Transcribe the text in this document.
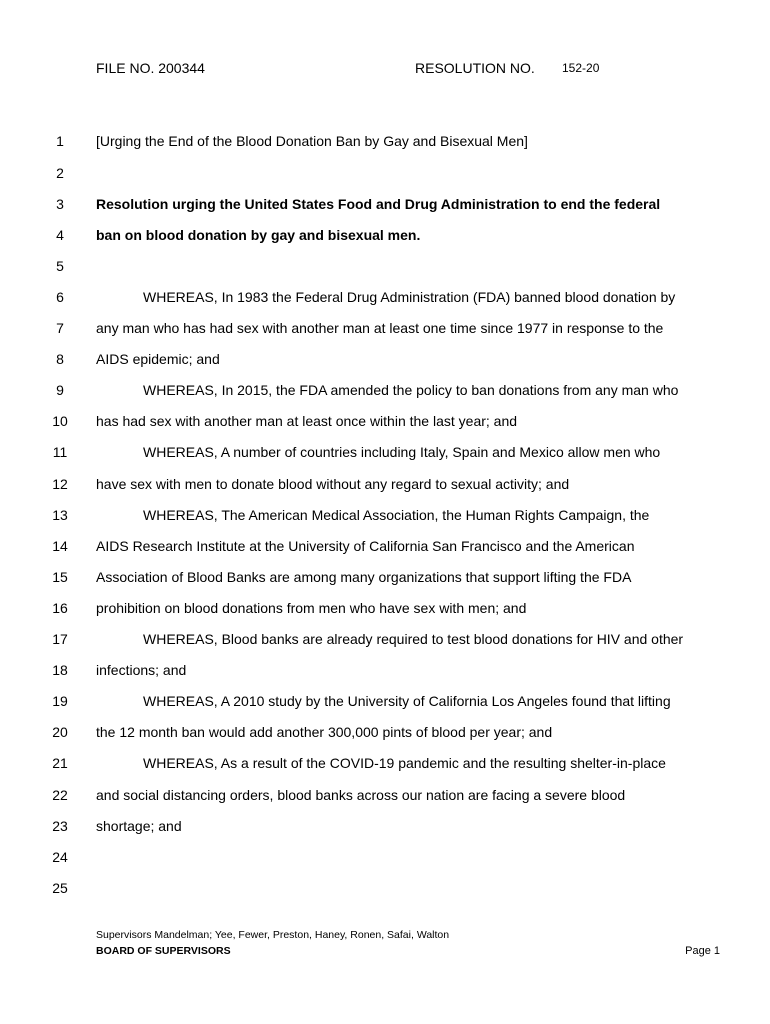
FILE NO. 200344	RESOLUTION NO. 152-20
1
2
3
4
5
6
7
8
9
10
11
12
13
14
15
16
17
18
19
20
21
22
23
24
25
[Urging the End of the Blood Donation Ban by Gay and Bisexual Men]
Resolution urging the United States Food and Drug Administration to end the federal
ban on blood donation by gay and bisexual men.
WHEREAS, In 1983 the Federal Drug Administration (FDA) banned blood donation by
any man who has had sex with another man at least one time since 1977 in response to the
AIDS epidemic; and
WHEREAS, In 2015, the FDA amended the policy to ban donations from any man who
has had sex with another man at least once within the last year; and
WHEREAS, A number of countries including Italy, Spain and Mexico allow men who
have sex with men to donate blood without any regard to sexual activity; and
WHEREAS, The American Medical Association, the Human Rights Campaign, the
AIDS Research Institute at the University of California San Francisco and the American
Association of Blood Banks are among many organizations that support lifting the FDA
prohibition on blood donations from men who have sex with men; and
WHEREAS, Blood banks are already required to test blood donations for HIV and other
infections; and
WHEREAS, A 2010 study by the University of California Los Angeles found that lifting
the 12 month ban would add another 300,000 pints of blood per year; and
WHEREAS, As a result of the COVID-19 pandemic and the resulting shelter-in-place
and social distancing orders, blood banks across our nation are facing a severe blood
shortage; and
Supervisors Mandelman; Yee, Fewer, Preston, Haney, Ronen, Safai, Walton
BOARD OF SUPERVISORS	Page 1
